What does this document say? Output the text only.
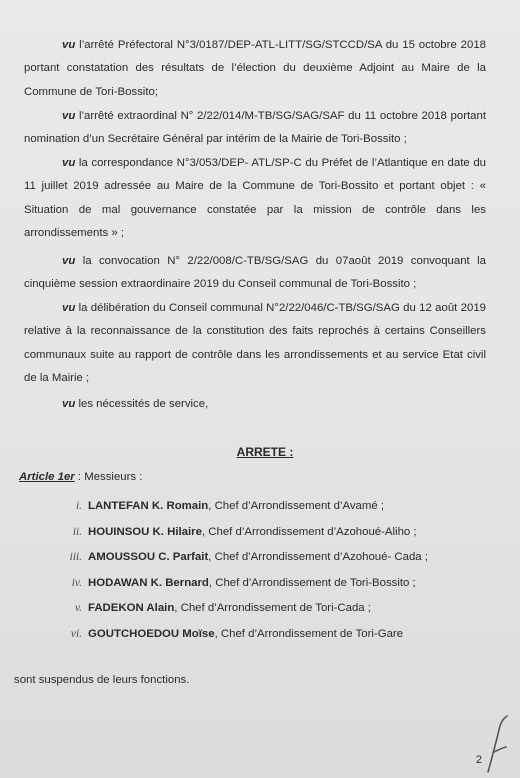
vu l’arrêté Préfectoral N°3/0187/DEP-ATL-LITT/SG/STCCD/SA du 15 octobre 2018 portant constatation des résultats de l’élection du deuxième Adjoint au Maire de la Commune de Tori-Bossito;

vu l’arrêté extraordinal N° 2/22/014/M-TB/SG/SAG/SAF du 11 octobre 2018 portant nomination d’un Secrétaire Général par intérim de la Mairie de Tori-Bossito ;

vu la correspondance N°3/053/DEP- ATL/SP-C du Préfet de l’Atlantique en date du 11 juillet 2019 adressée au Maire de la Commune de Tori-Bossito et portant objet : « Situation de mal gouvernance constatée par la mission de contrôle dans les arrondissements » ;

vu la convocation N° 2/22/008/C-TB/SG/SAG du 07août 2019 convoquant la cinquième session extraordinaire 2019 du Conseil communal de Tori-Bossito ;

vu la délibération du Conseil communal N°2/22/046/C-TB/SG/SAG du 12 août 2019 relative à la reconnaissance de la constitution des faits reprochés à certains Conseillers communaux suite au rapport de contrôle dans les arrondissements et au service Etat civil de la Mairie ;

vu les nécessités de service,

ARRETE :

Article 1er : Messieurs :

i. LANTEFAN K. Romain, Chef d’Arrondissement d’Avamé ;
ii. HOUINSOU K. Hilaire, Chef d’Arrondissement d’Azohoué-Aliho ;
iii. AMOUSSOU C. Parfait, Chef d’Arrondissement d’Azohoué- Cada ;
iv. HODAWAN K. Bernard, Chef d’Arrondissement de Tori-Bossito ;
v. FADEKON Alain, Chef d’Arrondissement de Tori-Cada ;
vi. GOUTCHOEDOU Moïse, Chef d’Arrondissement de Tori-Gare

sont suspendus de leurs fonctions.

2
